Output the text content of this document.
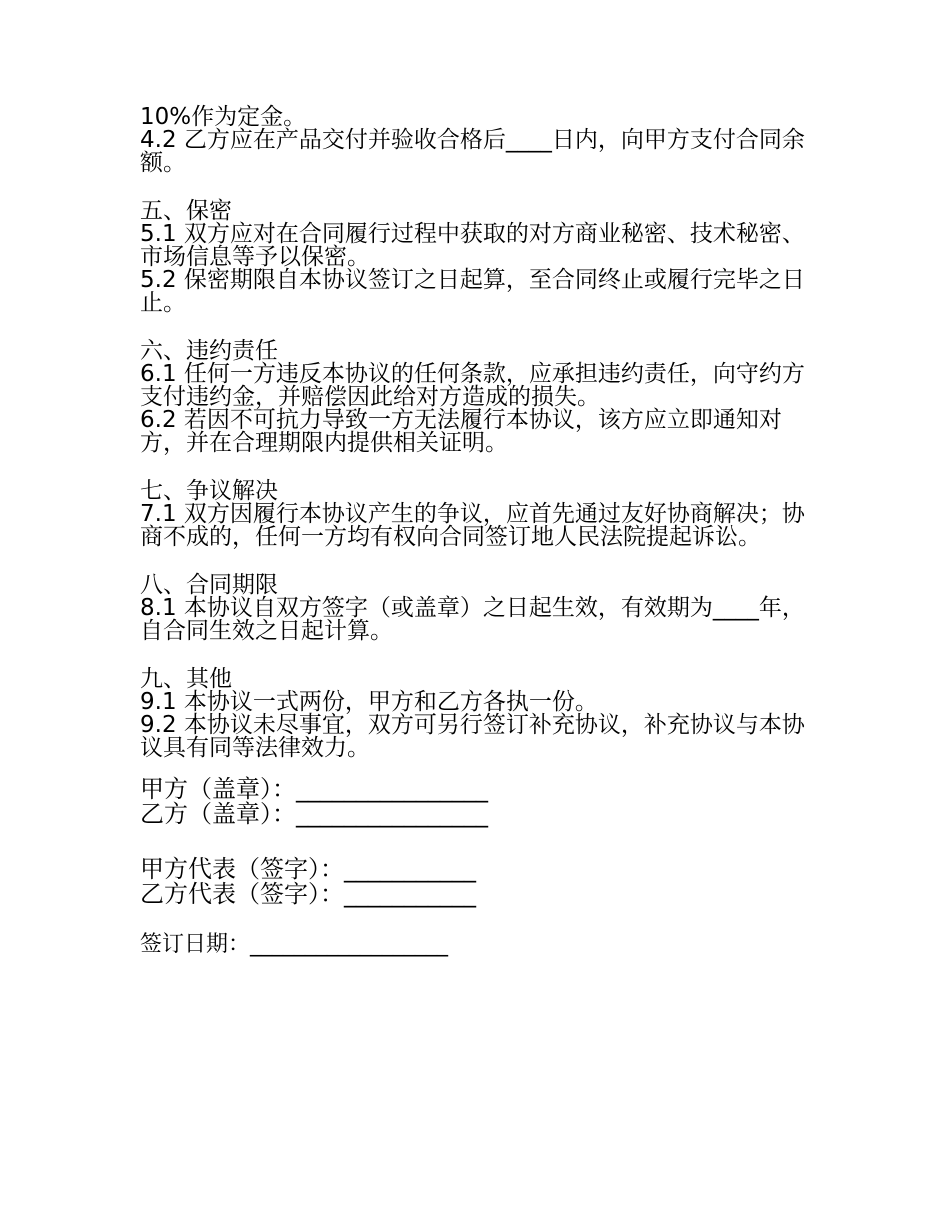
10%作为定金。

4.2 乙方应在产品交付并验收合格后____日内，向甲方支付合同余额。

五、保密

5.1 双方应对在合同履行过程中获取的对方商业秘密、技术秘密、市场信息等予以保密。

5.2 保密期限自本协议签订之日起算，至合同终止或履行完毕之日止。

六、违约责任

6.1 任何一方违反本协议的任何条款，应承担违约责任，向守约方支付违约金，并赔偿因此给对方造成的损失。

6.2 若因不可抗力导致一方无法履行本协议，该方应立即通知对方，并在合理期限内提供相关证明。

七、争议解决

7.1 双方因履行本协议产生的争议，应首先通过友好协商解决；协商不成的，任何一方均有权向合同签订地人民法院提起诉讼。

八、合同期限

8.1 本协议自双方签字（或盖章）之日起生效，有效期为____年，自合同生效之日起计算。

九、其他

9.1 本协议一式两份，甲方和乙方各执一份。

9.2 本协议未尽事宜，双方可另行签订补充协议，补充协议与本协议具有同等法律效力。

甲方（盖章）：________________

乙方（盖章）：________________

甲方代表（签字）：___________

乙方代表（签字）：___________

签订日期：__________________
